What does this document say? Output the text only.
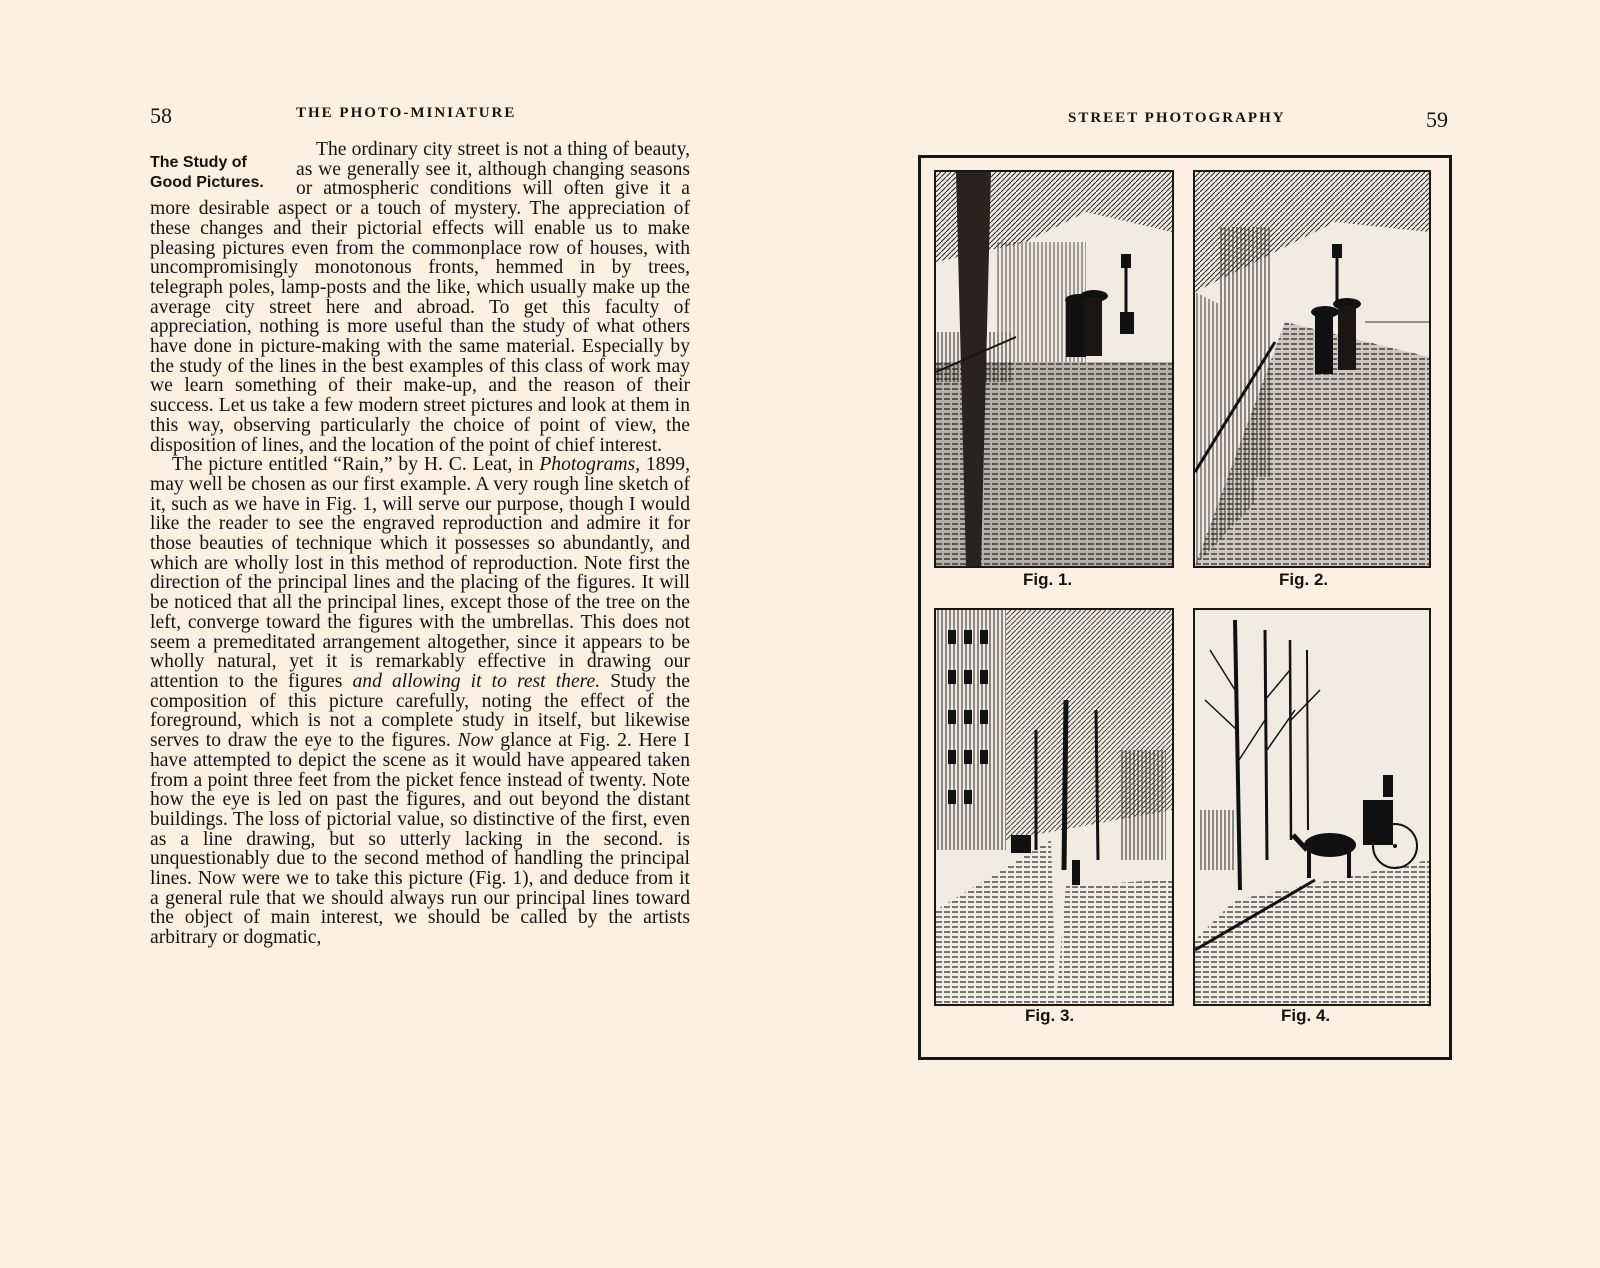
58	THE PHOTO-MINIATURE
The Study of
Good Pictures.

The ordinary city street is not a thing of beauty, as we generally see it, although changing seasons or atmospheric conditions will often give it a more desirable aspect or a touch of mystery. The appreciation of these changes and their pictorial effects will enable us to make pleasing pictures even from the commonplace row of houses, with uncompromisingly monotonous fronts, hemmed in by trees, telegraph poles, lamp-posts and the like, which usually make up the average city street here and abroad. To get this faculty of appreciation, nothing is more useful than the study of what others have done in picture-making with the same material. Especially by the study of the lines in the best examples of this class of work may we learn something of their make-up, and the reason of their success. Let us take a few modern street pictures and look at them in this way, observing particularly the choice of point of view, the disposition of lines, and the location of the point of chief interest.

The picture entitled “Rain,” by H. C. Leat, in Photograms, 1899, may well be chosen as our first example. A very rough line sketch of it, such as we have in Fig. 1, will serve our purpose, though I would like the reader to see the engraved reproduction and admire it for those beauties of technique which it possesses so abundantly, and which are wholly lost in this method of reproduction. Note first the direction of the principal lines and the placing of the figures. It will be noticed that all the principal lines, except those of the tree on the left, converge toward the figures with the umbrellas. This does not seem a premeditated arrangement altogether, since it appears to be wholly natural, yet it is remarkably effective in drawing our attention to the figures and allowing it to rest there. Study the composition of this picture carefully, noting the effect of the foreground, which is not a complete study in itself, but likewise serves to draw the eye to the figures. Now glance at Fig. 2. Here I have attempted to depict the scene as it would have appeared taken from a point three feet from the picket fence instead of twenty. Note how the eye is led on past the figures, and out beyond the distant buildings. The loss of pictorial value, so distinctive of the first, even as a line drawing, but so utterly lacking in the second. is unquestionably due to the second method of handling the principal lines. Now were we to take this picture (Fig. 1), and deduce from it a general rule that we should always run our principal lines toward the object of main interest, we should be called by the artists arbitrary or dogmatic,

STREET PHOTOGRAPHY	59
Fig. 1.	Fig. 2.
Fig. 3.	Fig. 4.
